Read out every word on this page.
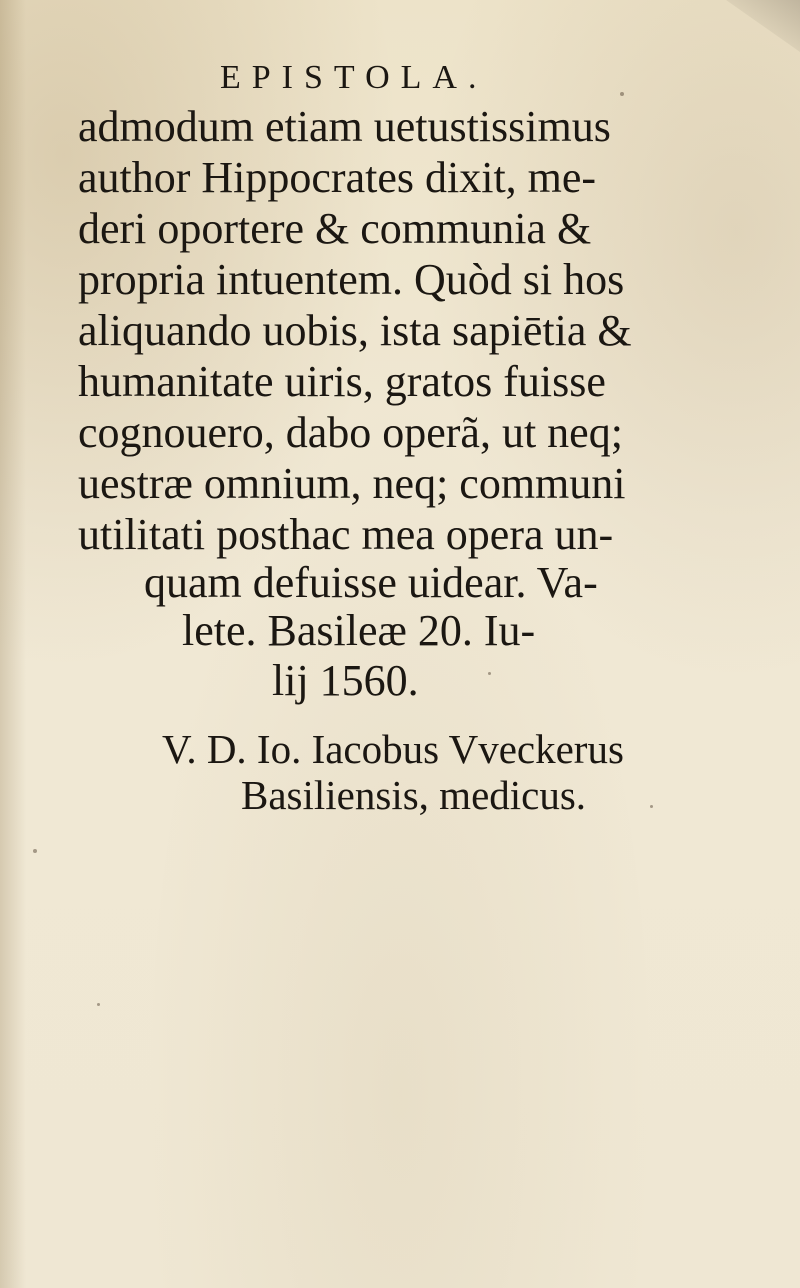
EPISTOLA.
admodum etiam uetustissimus
author Hippocrates dixit, me-
deri oportere & communia &
propria intuentem. Quòd si hos
aliquando uobis, ista sapiētia &
humanitate uiris, gratos fuisse
cognouero, dabo operã, ut neq;
uestræ omnium, neq; communi
utilitati posthac mea opera un-
quam defuisse uidear. Va-
lete. Basileæ 20. Iu-
lij 1560.
V. D. Io. Iacobus Vveckerus
Basiliensis, medicus.
